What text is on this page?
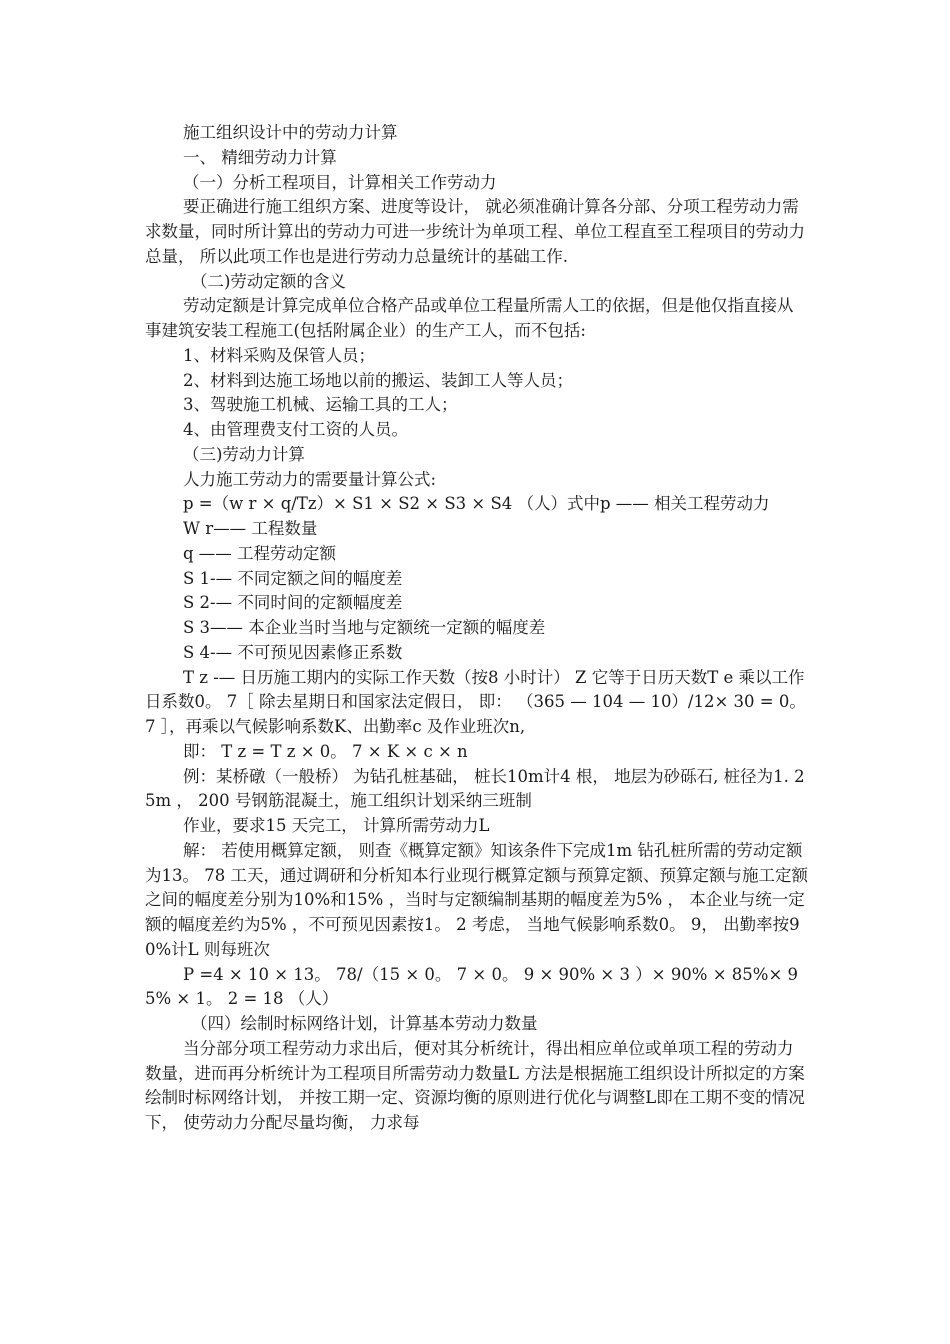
施工组织设计中的劳动力计算

一、 精细劳动力计算

（一）分析工程项目，计算相关工作劳动力

要正确进行施工组织方案、进度等设计， 就必须准确计算各分部、分项工程劳动力需求数量，同时所计算出的劳动力可进一步统计为单项工程、单位工程直至工程项目的劳动力总量， 所以此项工作也是进行劳动力总量统计的基础工作.

（二)劳动定额的含义

劳动定额是计算完成单位合格产品或单位工程量所需人工的依据，但是他仅指直接从事建筑安装工程施工(包括附属企业）的生产工人，而不包括:

1、材料采购及保管人员；

2、材料到达施工场地以前的搬运、装卸工人等人员；

3、驾驶施工机械、运输工具的工人；

4、由管理费支付工资的人员。

（三)劳动力计算

人力施工劳动力的需要量计算公式:

p =（w r × q/Tz）× S1 × S2 × S3 × S4 （人）式中p —— 相关工程劳动力

W r—— 工程数量

q —— 工程劳动定额

S 1-— 不同定额之间的幅度差

S 2-— 不同时间的定额幅度差

S 3—— 本企业当时当地与定额统一定额的幅度差

S 4-— 不可预见因素修正系数

T z -— 日历施工期内的实际工作天数（按8 小时计） Z 它等于日历天数T e 乘以工作日系数0。 7［ 除去星期日和国家法定假日， 即： （365 — 104 — 10）/12× 30 = 0。 7 ］，再乘以气候影响系数K、出勤率c 及作业班次n,

即： T z = T z × 0。 7 × K × c × n

例：某桥礅（一般桥） 为钻孔桩基础， 桩长10m计4 根， 地层为砂砾石, 桩径为1. 25m ， 200 号钢筋混凝土，施工组织计划采纳三班制

作业，要求15 天完工， 计算所需劳动力L

解： 若使用概算定额， 则查《概算定额》知该条件下完成1m 钻孔桩所需的劳动定额为13。 78 工天，通过调研和分析知本行业现行概算定额与预算定额、预算定额与施工定额之间的幅度差分别为10%和15% ，当时与定额编制基期的幅度差为5% ， 本企业与统一定额的幅度差约为5% ，不可预见因素按1。 2 考虑， 当地气候影响系数0。 9， 出勤率按90%计L 则每班次

P =4 × 10 × 13。 78/（15 × 0。 7 × 0。 9 × 90% × 3 ）× 90% × 85%× 95% × 1。 2 = 18 （人）

（四）绘制时标网络计划，计算基本劳动力数量

当分部分项工程劳动力求出后，便对其分析统计，得出相应单位或单项工程的劳动力数量，进而再分析统计为工程项目所需劳动力数量L 方法是根据施工组织设计所拟定的方案绘制时标网络计划， 并按工期一定、资源均衡的原则进行优化与调整L即在工期不变的情况下， 使劳动力分配尽量均衡， 力求每
